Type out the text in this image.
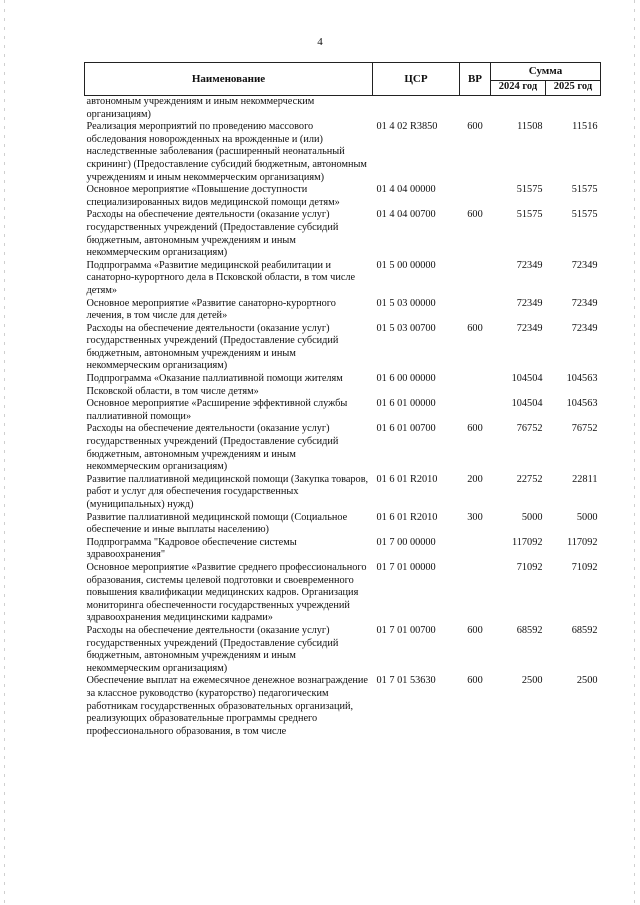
4
Наименование	ЦСР	ВР	Сумма	
			2024 год	2025 год
автономным учреждениям и иным некоммерческим организациям)				
Реализация мероприятий по проведению массового обследования новорожденных на врожденные и (или) наследственные заболевания (расширенный неонатальный скрининг) (Предоставление субсидий бюджетным, автономным учреждениям и иным некоммерческим организациям)	01 4 02 R3850	600	11508	11516
Основное мероприятие «Повышение доступности специализированных видов медицинской помощи детям»	01 4 04 00000		51575	51575
Расходы на обеспечение деятельности (оказание услуг) государственных учреждений (Предоставление субсидий бюджетным, автономным учреждениям и иным некоммерческим организациям)	01 4 04 00700	600	51575	51575
Подпрограмма «Развитие медицинской реабилитации и санаторно-курортного дела в Псковской области, в том числе детям»	01 5 00 00000		72349	72349
Основное мероприятие «Развитие санаторно-курортного лечения, в том числе для детей»	01 5 03 00000		72349	72349
Расходы на обеспечение деятельности (оказание услуг) государственных учреждений (Предоставление субсидий бюджетным, автономным учреждениям и иным некоммерческим организациям)	01 5 03 00700	600	72349	72349
Подпрограмма «Оказание паллиативной помощи жителям Псковской области, в том числе детям»	01 6 00 00000		104504	104563
Основное мероприятие «Расширение эффективной службы паллиативной помощи»	01 6 01 00000		104504	104563
Расходы на обеспечение деятельности (оказание услуг) государственных учреждений (Предоставление субсидий бюджетным, автономным учреждениям и иным некоммерческим организациям)	01 6 01 00700	600	76752	76752
Развитие паллиативной медицинской помощи (Закупка товаров, работ и услуг для обеспечения государственных (муниципальных) нужд)	01 6 01 R2010	200	22752	22811
Развитие паллиативной медицинской помощи (Социальное обеспечение и иные выплаты населению)	01 6 01 R2010	300	5000	5000
Подпрограмма "Кадровое обеспечение системы здравоохранения"	01 7 00 00000		117092	117092
Основное мероприятие «Развитие среднего профессионального образования, системы целевой подготовки и своевременного повышения квалификации медицинских кадров. Организация мониторинга обеспеченности государственных учреждений здравоохранения медицинскими кадрами»	01 7 01 00000		71092	71092
Расходы на обеспечение деятельности (оказание услуг) государственных учреждений (Предоставление субсидий бюджетным, автономным учреждениям и иным некоммерческим организациям)	01 7 01 00700	600	68592	68592
Обеспечение выплат на ежемесячное денежное вознаграждение за классное руководство (кураторство) педагогическим работникам государственных образовательных организаций, реализующих образовательные программы среднего профессионального образования, в том числе	01 7 01 53630	600	2500	2500
